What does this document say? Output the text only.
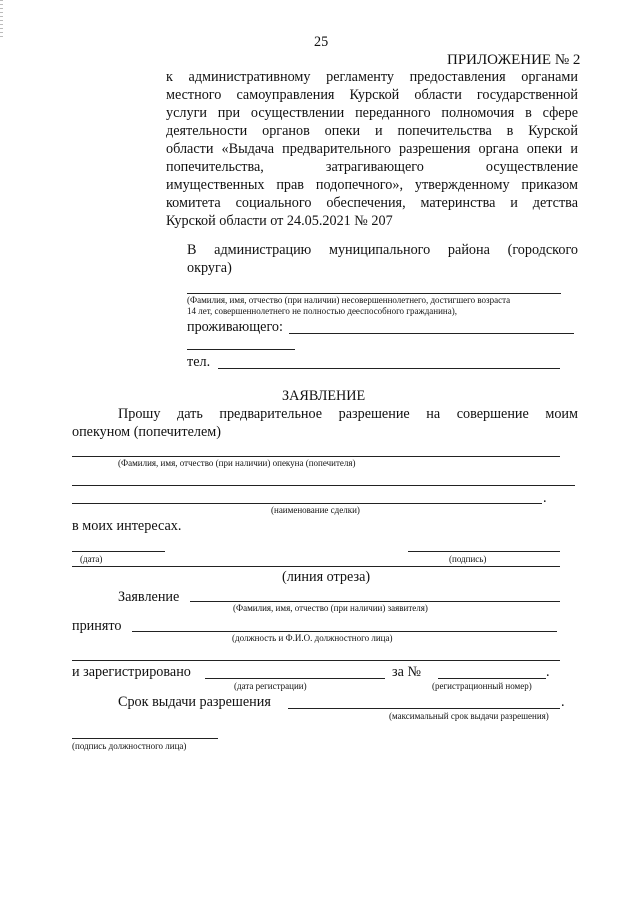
25
ПРИЛОЖЕНИЕ № 2
к административному регламенту предоставления органами
местного самоуправления Курской области государственной
услуги при осуществлении переданного полномочия в сфере
деятельности органов опеки и попечительства в Курской
области «Выдача предварительного разрешения органа опеки и
попечительства, затрагивающего осуществление
имущественных прав подопечного», утвержденному приказом
комитета социального обеспечения, материнства и детства
Курской области от 24.05.2021 № 207
В администрацию муниципального района (городского
округа)
(Фамилия, имя, отчество (при наличии) несовершеннолетнего, достигшего возраста
14 лет, совершеннолетнего не полностью дееспособного гражданина),
проживающего:
тел.
ЗАЯВЛЕНИЕ
Прошу дать предварительное разрешение на совершение моим
опекуном (попечителем)
(Фамилия, имя, отчество (при наличии) опекуна (попечителя)
.
(наименование сделки)
в моих интересах.
(дата)	(подпись)
(линия отреза)
Заявление
(Фамилия, имя, отчество (при наличии) заявителя)
принято
(должность и Ф.И.О. должностного лица)
и зарегистрировано	за №	.
(дата регистрации)	(регистрационный номер)
Срок выдачи разрешения	.
(максимальный срок выдачи разрешения)
(подпись должностного лица)
